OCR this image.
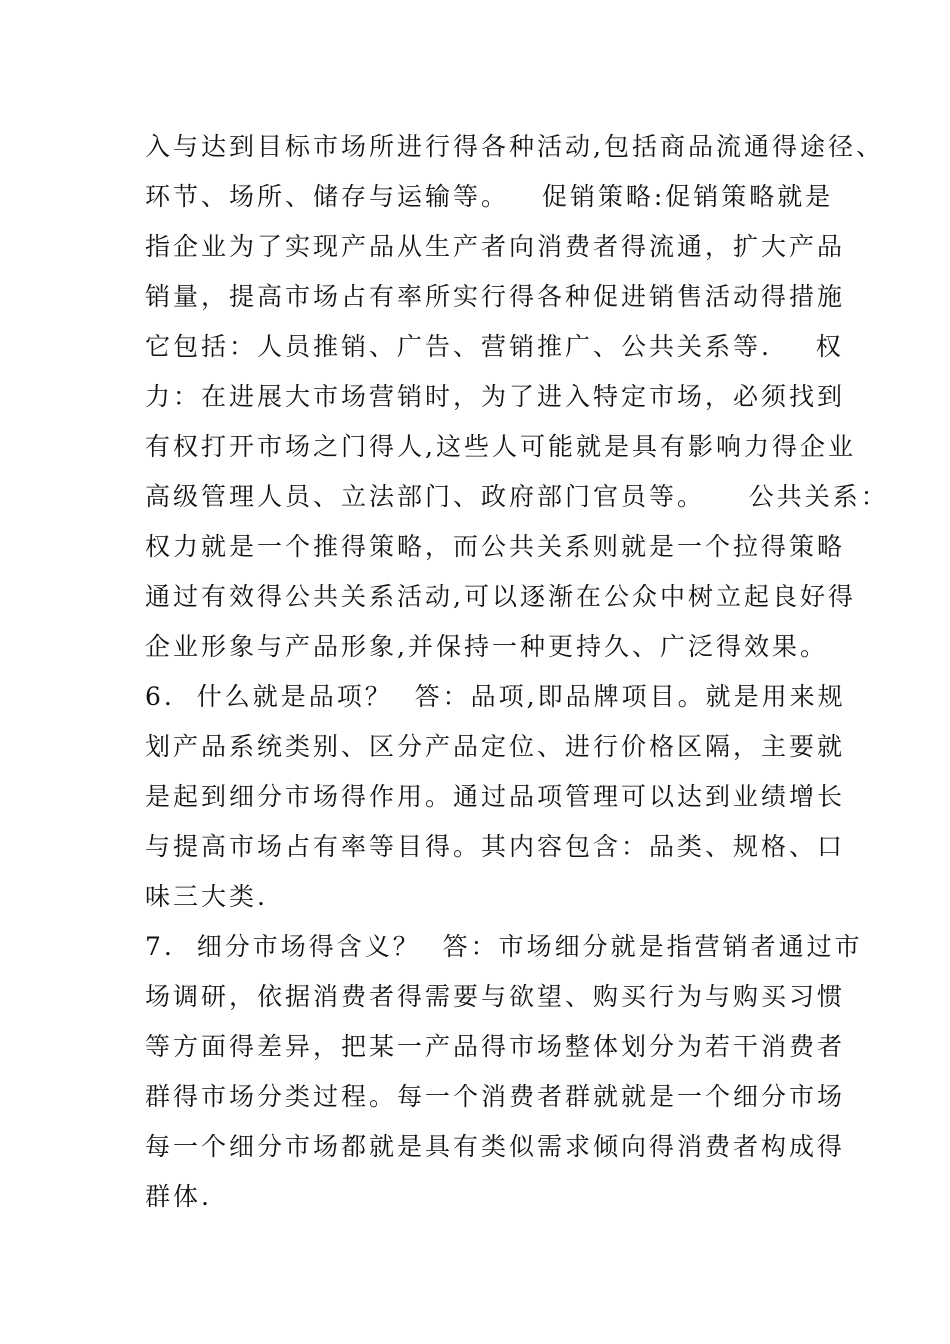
入与达到目标市场所进行得各种活动,包括商品流通得途径、
环节、场所、储存与运输等。   促销策略:促销策略就是
指企业为了实现产品从生产者向消费者得流通，扩大产品
销量，提高市场占有率所实行得各种促进销售活动得措施
它包括：人员推销、广告、营销推广、公共关系等.    权
力：在进展大市场营销时，为了进入特定市场，必须找到
有权打开市场之门得人,这些人可能就是具有影响力得企业
高级管理人员、立法部门、政府部门官员等。    公共关系：
权力就是一个推得策略，而公共关系则就是一个拉得策略
通过有效得公共关系活动,可以逐渐在公众中树立起良好得
企业形象与产品形象,并保持一种更持久、广泛得效果。
6.  什么就是品项？  答：品项,即品牌项目。就是用来规
划产品系统类别、区分产品定位、进行价格区隔，主要就
是起到细分市场得作用。通过品项管理可以达到业绩增长
与提高市场占有率等目得。其内容包含：品类、规格、口
味三大类.
7.  细分市场得含义？  答：市场细分就是指营销者通过市
场调研，依据消费者得需要与欲望、购买行为与购买习惯
等方面得差异，把某一产品得市场整体划分为若干消费者
群得市场分类过程。每一个消费者群就就是一个细分市场
每一个细分市场都就是具有类似需求倾向得消费者构成得
群体.
